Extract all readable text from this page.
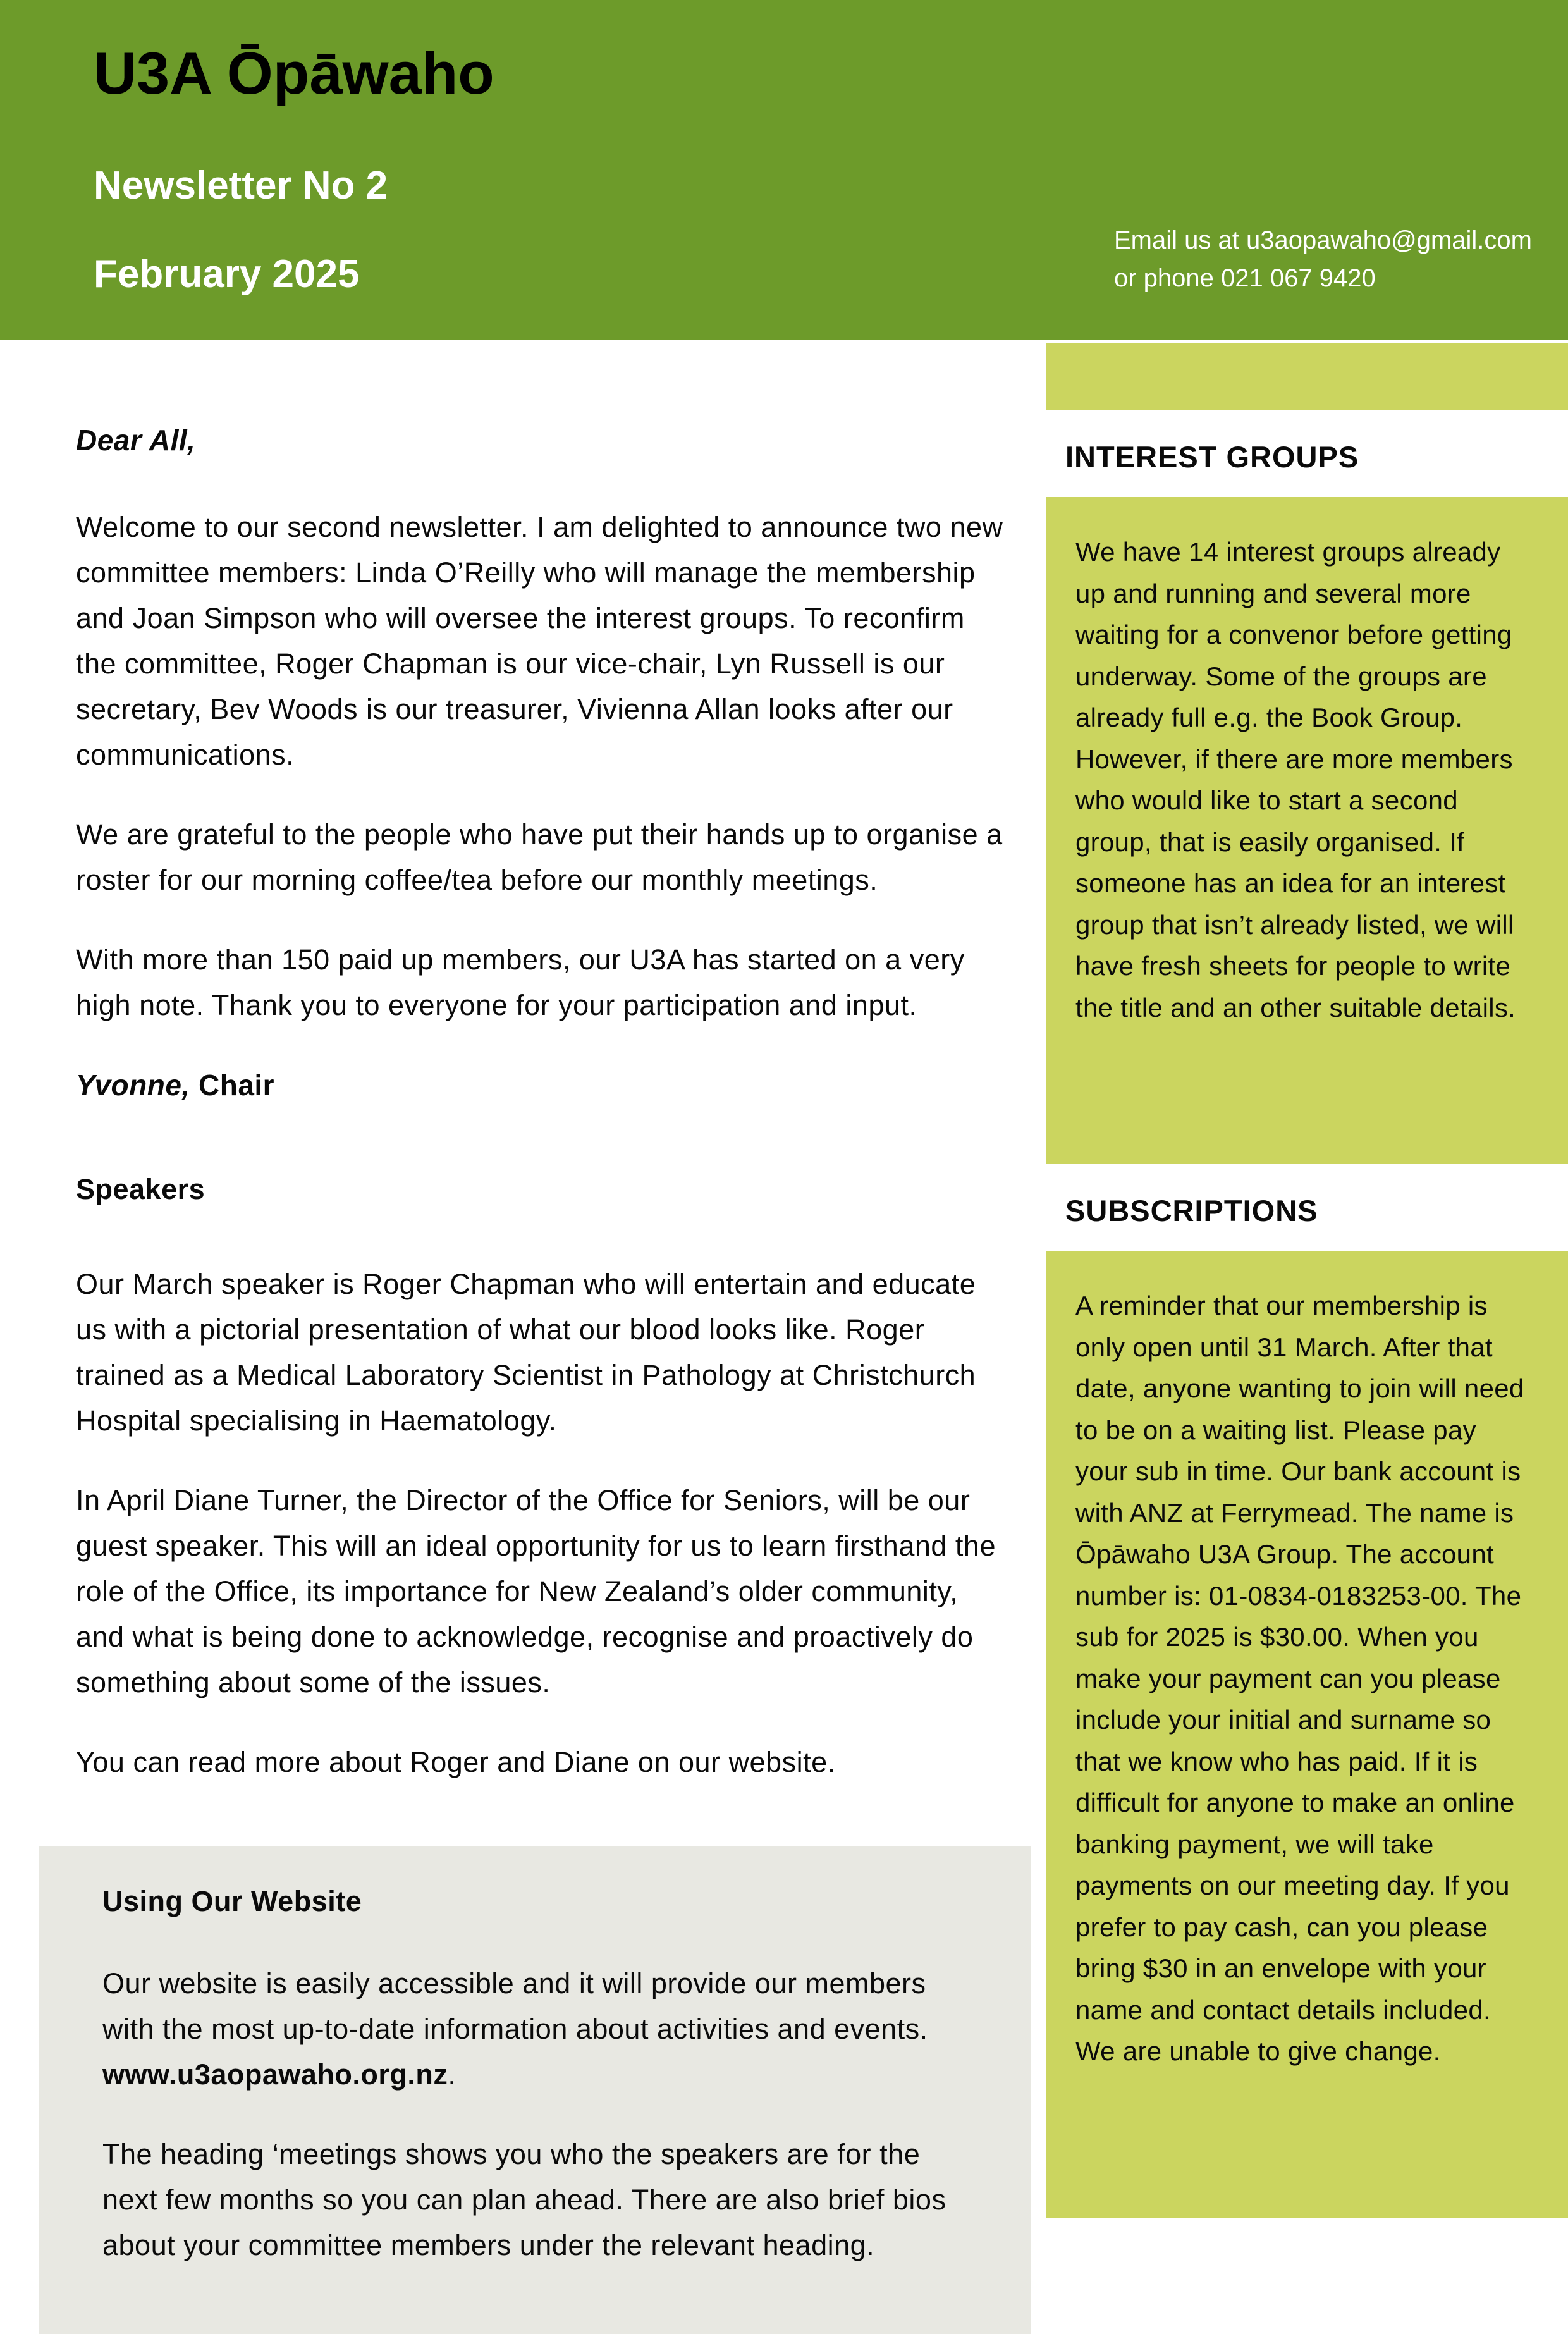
U3A Ōpāwaho
Newsletter No 2
February 2025
Email us at u3aopawaho@gmail.com
or phone 021 067 9420

Dear All,

Welcome to our second newsletter. I am delighted to announce two new committee members: Linda O’Reilly who will manage the membership and Joan Simpson who will oversee the interest groups. To reconfirm the committee, Roger Chapman is our vice-chair, Lyn Russell is our secretary, Bev Woods is our treasurer, Vivienna Allan looks after our communications.

We are grateful to the people who have put their hands up to organise a roster for our morning coffee/tea before our monthly meetings.

With more than 150 paid up members, our U3A has started on a very high note. Thank you to everyone for your participation and input.

Yvonne, Chair

Speakers

Our March speaker is Roger Chapman who will entertain and educate us with a pictorial presentation of what our blood looks like. Roger trained as a Medical Laboratory Scientist in Pathology at Christchurch Hospital specialising in Haematology.

In April Diane Turner, the Director of the Office for Seniors, will be our guest speaker. This will an ideal opportunity for us to learn firsthand the role of the Office, its importance for New Zealand’s older community, and what is being done to acknowledge, recognise and proactively do something about some of the issues.

You can read more about Roger and Diane on our website.

Using Our Website

Our website is easily accessible and it will provide our members with the most up-to-date information about activities and events. www.u3aopawaho.org.nz.

The heading ‘meetings shows you who the speakers are for the next few months so you can plan ahead. There are also brief bios about your committee members under the relevant heading.

INTEREST GROUPS
We have 14 interest groups already up and running and several more waiting for a convenor before getting underway. Some of the groups are already full e.g. the Book Group. However, if there are more members who would like to start a second group, that is easily organised. If someone has an idea for an interest group that isn’t already listed, we will have fresh sheets for people to write the title and an other suitable details.
SUBSCRIPTIONS
A reminder that our membership is only open until 31 March. After that date, anyone wanting to join will need to be on a waiting list. Please pay your sub in time. Our bank account is with ANZ at Ferrymead. The name is Ōpāwaho U3A Group. The account number is: 01-0834-0183253-00. The sub for 2025 is $30.00. When you make your payment can you please include your initial and surname so that we know who has paid. If it is difficult for anyone to make an online banking payment, we will take payments on our meeting day. If you prefer to pay cash, can you please bring $30 in an envelope with your name and contact details included. We are unable to give change.
